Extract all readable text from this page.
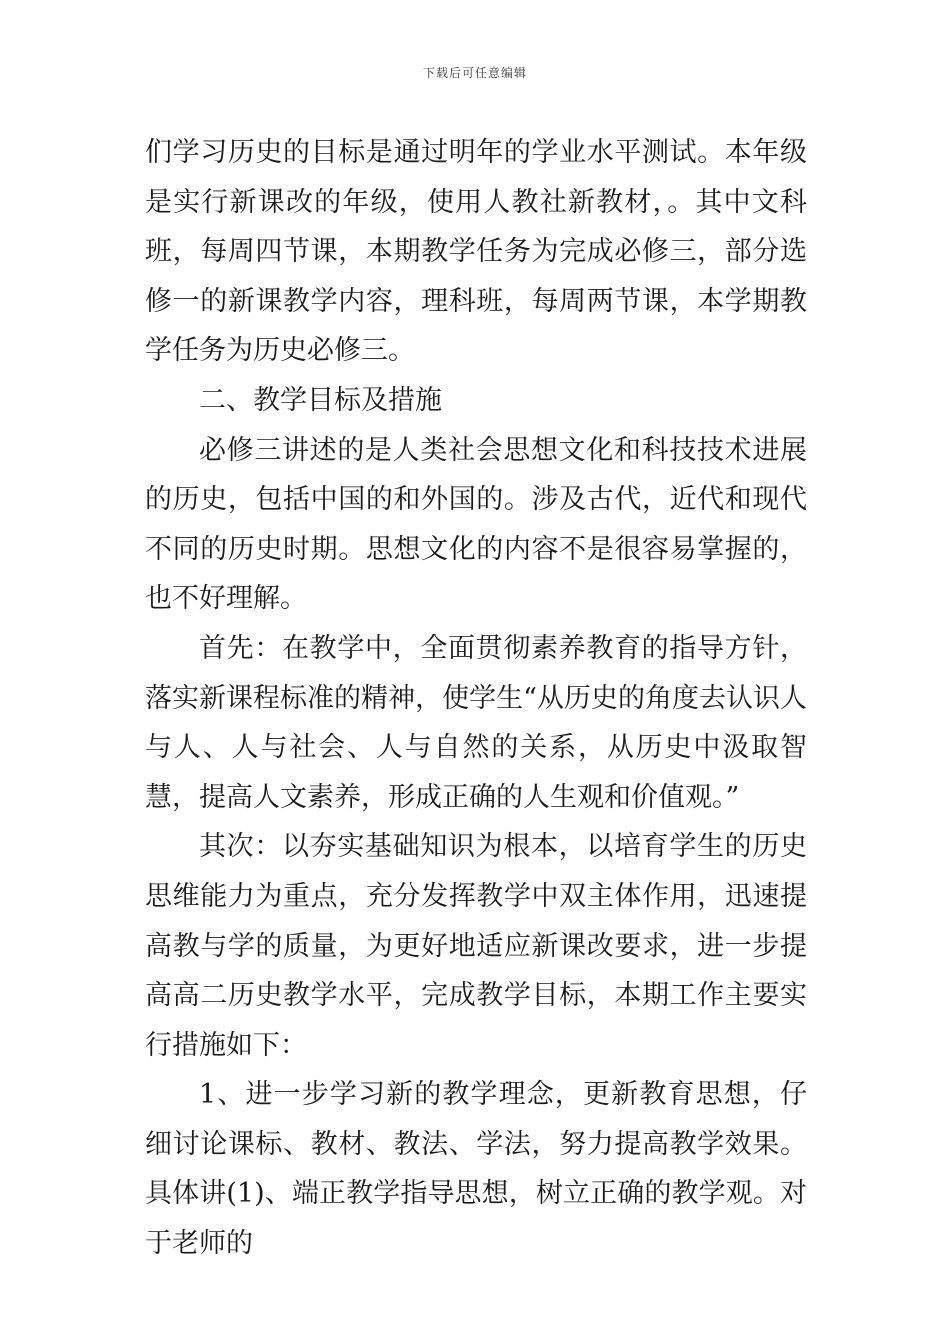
下载后可任意编辑

们学习历史的目标是通过明年的学业水平测试。本年级是实行新课改的年级，使用人教社新教材，。其中文科班，每周四节课，本期教学任务为完成必修三，部分选修一的新课教学内容，理科班，每周两节课，本学期教学任务为历史必修三。

二、教学目标及措施

必修三讲述的是人类社会思想文化和科技技术进展的历史，包括中国的和外国的。涉及古代，近代和现代不同的历史时期。思想文化的内容不是很容易掌握的，也不好理解。

首先：在教学中，全面贯彻素养教育的指导方针，落实新课程标准的精神，使学生“从历史的角度去认识人与人、人与社会、人与自然的关系，从历史中汲取智慧，提高人文素养，形成正确的人生观和价值观。”

其次：以夯实基础知识为根本，以培育学生的历史思维能力为重点，充分发挥教学中双主体作用，迅速提高教与学的质量，为更好地适应新课改要求，进一步提高高二历史教学水平，完成教学目标，本期工作主要实行措施如下：

1、进一步学习新的教学理念，更新教育思想，仔细讨论课标、教材、教法、学法，努力提高教学效果。具体讲(1)、端正教学指导思想，树立正确的教学观。对于老师的
